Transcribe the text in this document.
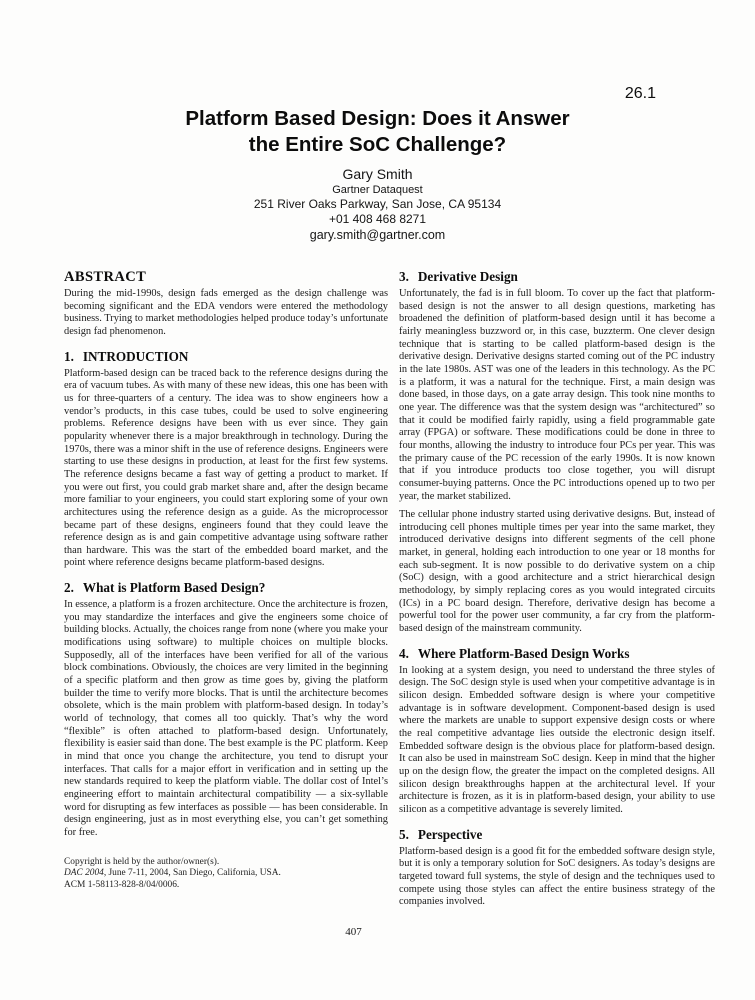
26.1
Platform Based Design: Does it Answer
the Entire SoC Challenge?
Gary Smith
Gartner Dataquest
251 River Oaks Parkway, San Jose, CA 95134
+01 408 468 8271
gary.smith@gartner.com
ABSTRACT

During the mid-1990s, design fads emerged as the design challenge was becoming significant and the EDA vendors were entered the methodology business. Trying to market methodologies helped produce today’s unfortunate design fad phenomenon.

1. INTRODUCTION

Platform-based design can be traced back to the reference designs during the era of vacuum tubes. As with many of these new ideas, this one has been with us for three-quarters of a century. The idea was to show engineers how a vendor’s products, in this case tubes, could be used to solve engineering problems. Reference designs have been with us ever since. They gain popularity whenever there is a major breakthrough in technology. During the 1970s, there was a minor shift in the use of reference designs. Engineers were starting to use these designs in production, at least for the first few systems. The reference designs became a fast way of getting a product to market. If you were out first, you could grab market share and, after the design became more familiar to your engineers, you could start exploring some of your own architectures using the reference design as a guide. As the microprocessor became part of these designs, engineers found that they could leave the reference design as is and gain competitive advantage using software rather than hardware. This was the start of the embedded board market, and the point where reference designs became platform-based designs.

2. What is Platform Based Design?

In essence, a platform is a frozen architecture. Once the architecture is frozen, you may standardize the interfaces and give the engineers some choice of building blocks. Actually, the choices range from none (where you make your modifications using software) to multiple choices on multiple blocks. Supposedly, all of the interfaces have been verified for all of the various block combinations. Obviously, the choices are very limited in the beginning of a specific platform and then grow as time goes by, giving the platform builder the time to verify more blocks. That is until the architecture becomes obsolete, which is the main problem with platform-based design. In today’s world of technology, that comes all too quickly. That’s why the word “flexible” is often attached to platform-based design. Unfortunately, flexibility is easier said than done. The best example is the PC platform. Keep in mind that once you change the architecture, you tend to disrupt your interfaces. That calls for a major effort in verification and in setting up the new standards required to keep the platform viable. The dollar cost of Intel’s engineering effort to maintain architectural compatibility — a six-syllable word for disrupting as few interfaces as possible — has been considerable. In design engineering, just as in most everything else, you can’t get something for free.

Copyright is held by the author/owner(s).
DAC 2004, June 7-11, 2004, San Diego, California, USA.
ACM 1-58113-828-8/04/0006.
3. Derivative Design

Unfortunately, the fad is in full bloom. To cover up the fact that platform-based design is not the answer to all design questions, marketing has broadened the definition of platform-based design until it has become a fairly meaningless buzzword or, in this case, buzzterm. One clever design technique that is starting to be called platform-based design is the derivative design. Derivative designs started coming out of the PC industry in the late 1980s. AST was one of the leaders in this technology. As the PC is a platform, it was a natural for the technique. First, a main design was done based, in those days, on a gate array design. This took nine months to one year. The difference was that the system design was “architectured” so that it could be modified fairly rapidly, using a field programmable gate array (FPGA) or software. These modifications could be done in three to four months, allowing the industry to introduce four PCs per year. This was the primary cause of the PC recession of the early 1990s. It is now known that if you introduce products too close together, you will disrupt consumer-buying patterns. Once the PC introductions opened up to two per year, the market stabilized.

The cellular phone industry started using derivative designs. But, instead of introducing cell phones multiple times per year into the same market, they introduced derivative designs into different segments of the cell phone market, in general, holding each introduction to one year or 18 months for each sub-segment. It is now possible to do derivative system on a chip (SoC) design, with a good architecture and a strict hierarchical design methodology, by simply replacing cores as you would integrated circuits (ICs) in a PC board design. Therefore, derivative design has become a powerful tool for the power user community, a far cry from the platform-based design of the mainstream community.

4. Where Platform-Based Design Works

In looking at a system design, you need to understand the three styles of design. The SoC design style is used when your competitive advantage is in silicon design. Embedded software design is where your competitive advantage is in software development. Component-based design is used where the markets are unable to support expensive design costs or where the real competitive advantage lies outside the electronic design itself. Embedded software design is the obvious place for platform-based design. It can also be used in mainstream SoC design. Keep in mind that the higher up on the design flow, the greater the impact on the completed designs. All silicon design breakthroughs happen at the architectural level. If your architecture is frozen, as it is in platform-based design, your ability to use silicon as a competitive advantage is severely limited.

5. Perspective

Platform-based design is a good fit for the embedded software design style, but it is only a temporary solution for SoC designers. As today’s designs are targeted toward full systems, the style of design and the techniques used to compete using those styles can affect the entire business strategy of the companies involved.

407
